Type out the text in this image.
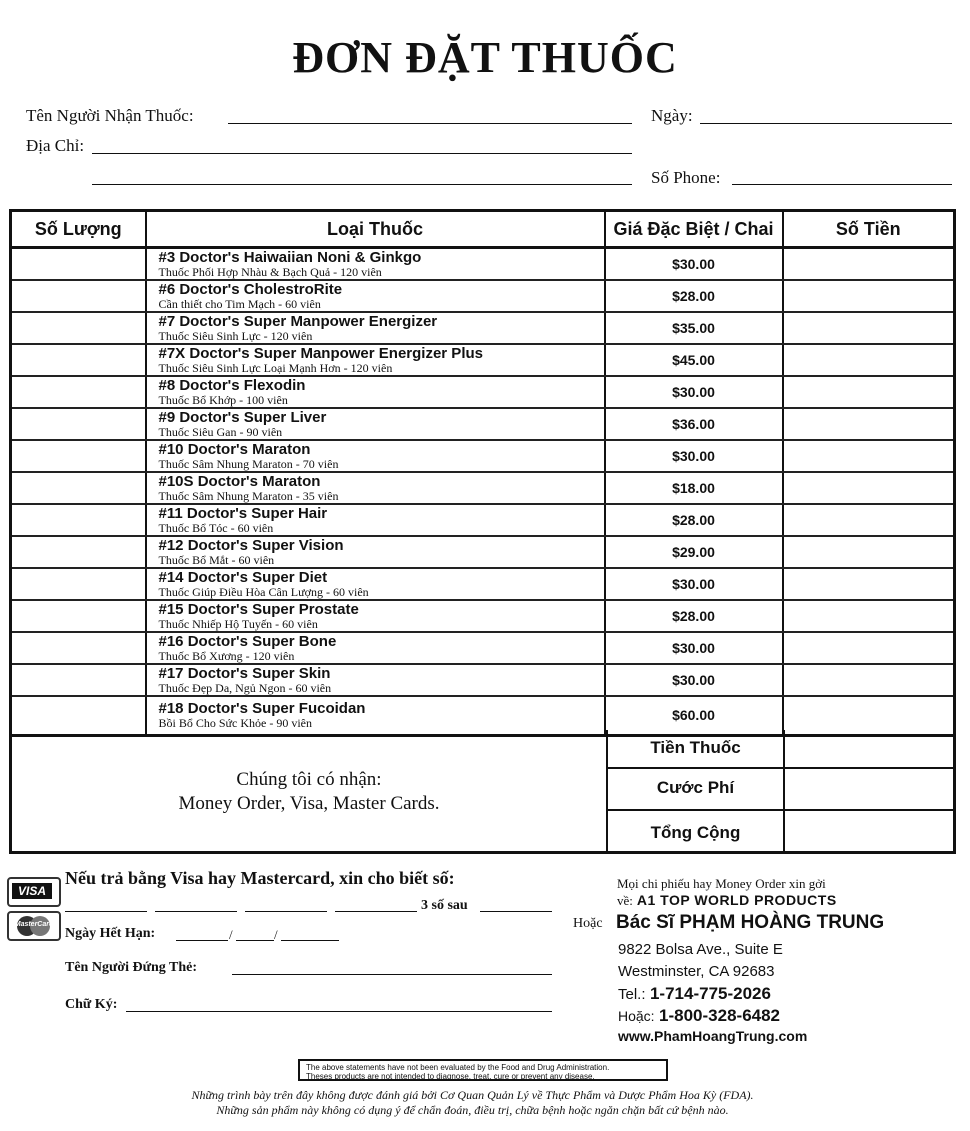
ĐƠN ĐẶT THUỐC
Tên Người Nhận Thuốc:	Ngày:
Địa Chỉ:
Số Phone:
Số Lượng	Loại Thuốc	Giá Đặc Biệt / Chai	Số Tiền

	#3 Doctor's Haiwaiian Noni & Ginkgo
Thuốc Phối Hợp Nhàu & Bạch Quả - 120 viên	$30.00	

	#6 Doctor's CholestroRite
Cần thiết cho Tim Mạch - 60 viên	$28.00	

	#7 Doctor's Super Manpower Energizer
Thuốc Siêu Sinh Lực - 120 viên	$35.00	

	#7X Doctor's Super Manpower Energizer Plus
Thuốc Siêu Sinh Lực Loại Mạnh Hơn - 120 viên	$45.00	

	#8 Doctor's Flexodin
Thuốc Bổ Khớp - 100 viên	$30.00	

	#9 Doctor's Super Liver
Thuốc Siêu Gan - 90 viên	$36.00	

	#10 Doctor's Maraton
Thuốc Sâm Nhung Maraton - 70 viên	$30.00	

	#10S Doctor's Maraton
Thuốc Sâm Nhung Maraton - 35 viên	$18.00	

	#11 Doctor's Super Hair
Thuốc Bổ Tóc - 60 viên	$28.00	

	#12 Doctor's Super Vision
Thuốc Bổ Mắt - 60 viên	$29.00	

	#14 Doctor's Super Diet
Thuốc Giúp Điều Hòa Cân Lượng - 60 viên	$30.00	

	#15 Doctor's Super Prostate
Thuốc Nhiếp Hộ Tuyến - 60 viên	$28.00	

	#16 Doctor's Super Bone
Thuốc Bổ Xương - 120 viên	$30.00	

	#17 Doctor's Super Skin
Thuốc Đẹp Da, Ngủ Ngon - 60 viên	$30.00	

	#18 Doctor's Super Fucoidan
Bồi Bổ Cho Sức Khỏe - 90 viên	$60.00	
Chúng tôi có nhận:
Money Order, Visa, Master Cards.
Tiền Thuốc
Cước Phí
Tổng Cộng
VISA
MasterCard
Nếu trả bằng Visa hay Mastercard, xin cho biết số:
3 số sau
Ngày Hết Hạn:	/	/
Tên Người Đứng Thẻ:
Chữ Ký:
Mọi chi phiếu hay Money Order xin gởi
về: A1 TOP WORLD PRODUCTS
Hoặc Bác Sĩ PHẠM HOÀNG TRUNG
9822 Bolsa Ave., Suite E
Westminster, CA 92683
Tel.: 1-714-775-2026
Hoặc: 1-800-328-6482
www.PhamHoangTrung.com
The above statements have not been evaluated by the Food and Drug Administration.
Theses products are not intended to diagnose, treat, cure or prevent any disease.
Những trình bày trên đây không được đánh giá bởi Cơ Quan Quản Lý về Thực Phẩm và Dược Phẩm Hoa Kỳ (FDA).
Những sản phẩm này không có dụng ý để chẩn đoán, điều trị, chữa bệnh hoặc ngăn chặn bất cứ bệnh nào.
